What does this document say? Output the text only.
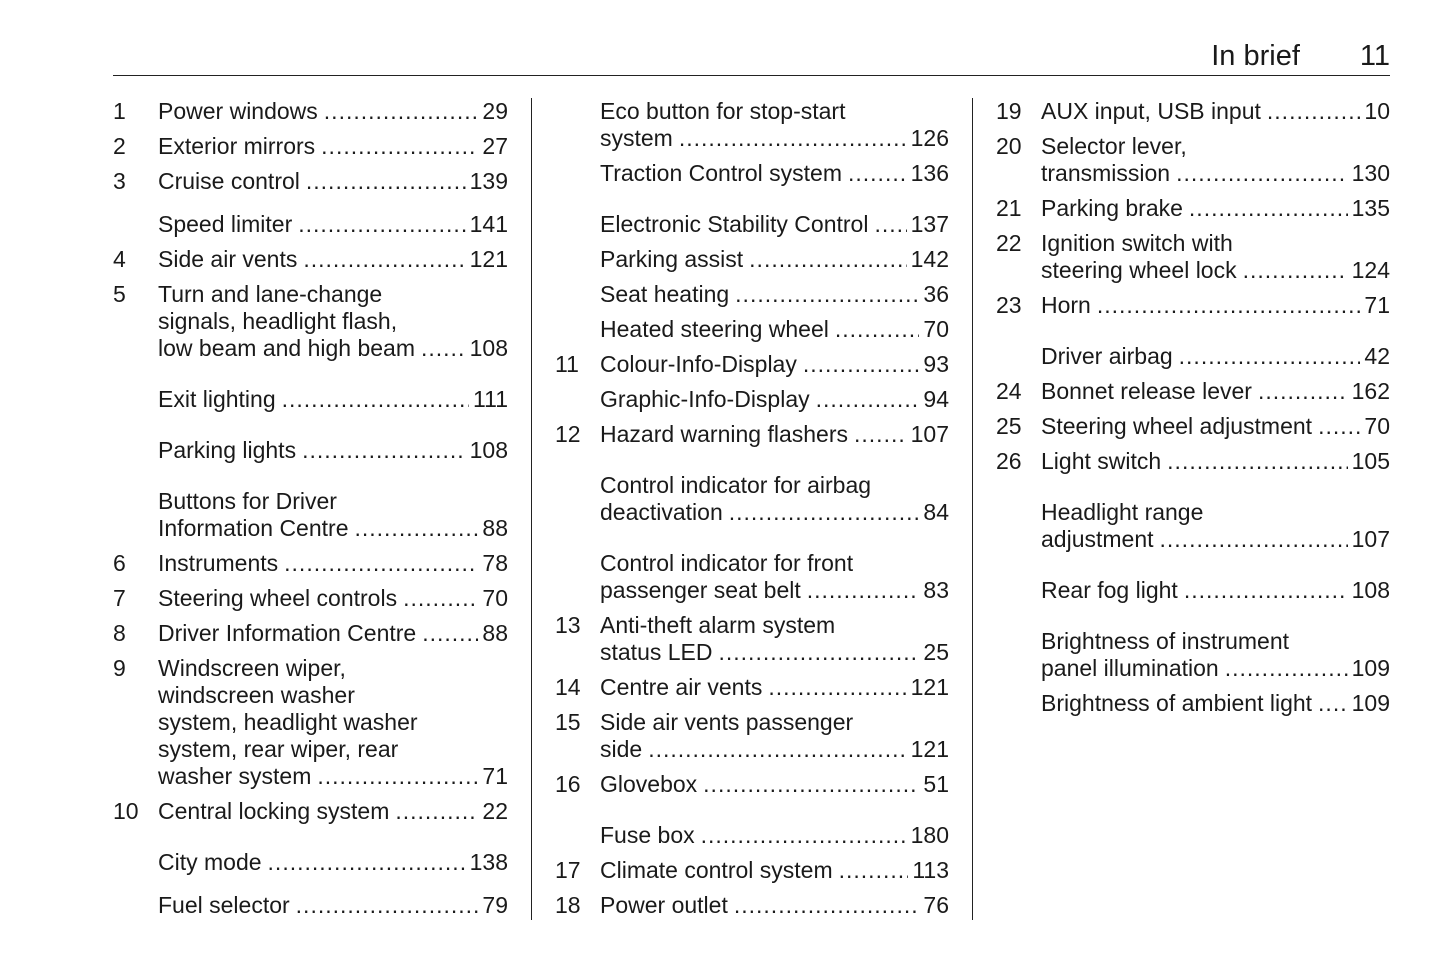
In brief 11
1	Power windows .....	29
2	Exterior mirrors .....	27
3	Cruise control .....	139
Speed limiter .....	141
4	Side air vents .....	121
5	Turn and lane-change
signals, headlight flash,
low beam and high beam ..... 108
Exit lighting .....	111
Parking lights .....	108
Buttons for Driver
Information Centre .....	88
6	Instruments .....	78
7	Steering wheel controls .....	70
8	Driver Information Centre .....	88
9	Windscreen wiper,
windscreen washer
system, headlight washer
system, rear wiper, rear
washer system .....	71
10 Central locking system .....	22
City mode .....	138
Fuel selector .....	79
Eco button for stop-start
system .....	126
Traction Control system .....	136
Electronic Stability Control ..... 137
Parking assist .....	142
Seat heating .....	36
Heated steering wheel .....	70
11 Colour-Info-Display .....	93
Graphic-Info-Display .....	94
12 Hazard warning flashers .....	107
Control indicator for airbag
deactivation .....	84
Control indicator for front
passenger seat belt .....	83
13 Anti-theft alarm system
status LED .....	25
14 Centre air vents .....	121
15 Side air vents passenger
side .....	121
16 Glovebox .....	51
Fuse box .....	180
17 Climate control system .....	113
18 Power outlet .....	76
19 AUX input, USB input .....	10
20 Selector lever,
transmission .....	130
21 Parking brake .....	135
22 Ignition switch with
steering wheel lock .....	124
23 Horn .....	71
Driver airbag .....	42
24 Bonnet release lever .....	162
25 Steering wheel adjustment ..... 70
26 Light switch .....	105
Headlight range
adjustment .....	107
Rear fog light .....	108
Brightness of instrument
panel illumination .....	109
Brightness of ambient light ..... 109
